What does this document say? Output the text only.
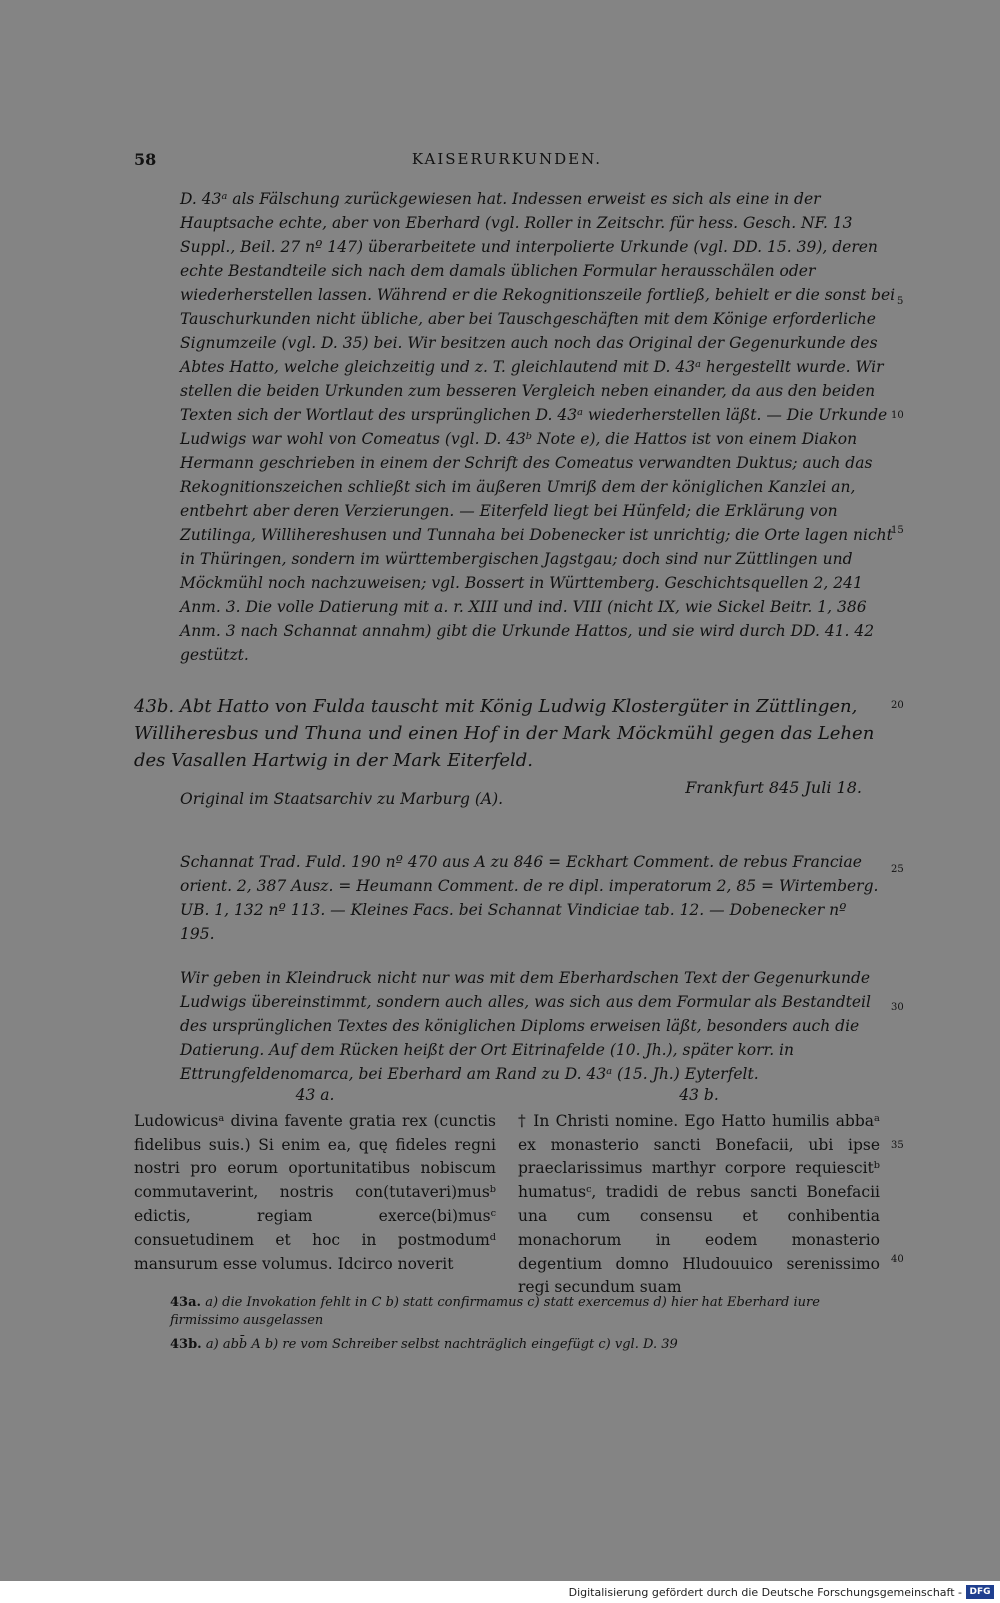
58	KAISERURKUNDEN.

D. 43ᵃ als Fälschung zurückgewiesen hat. Indessen erweist es sich als eine in der Hauptsache echte, aber von Eberhard (vgl. Roller in Zeitschr. für hess. Gesch. NF. 13 Suppl., Beil. 27 nº 147) überarbeitete und interpolierte Urkunde (vgl. DD. 15. 39), deren echte Bestandteile sich nach dem damals üblichen Formular herausschälen oder wiederherstellen lassen. Während er die Rekognitionszeile fortließ, behielt er die sonst bei Tauschurkunden nicht übliche, aber bei Tauschgeschäften mit dem Könige erforderliche Signumzeile (vgl. D. 35) bei. Wir besitzen auch noch das Original der Gegenurkunde des Abtes Hatto, welche gleichzeitig und z. T. gleichlautend mit D. 43ᵃ hergestellt wurde. Wir stellen die beiden Urkunden zum besseren Vergleich neben einander, da aus den beiden Texten sich der Wortlaut des ursprünglichen D. 43ᵃ wiederherstellen läßt. — Die Urkunde Ludwigs war wohl von Comeatus (vgl. D. 43ᵇ Note e), die Hattos ist von einem Diakon Hermann geschrieben in einem der Schrift des Comeatus verwandten Duktus; auch das Rekognitionszeichen schließt sich im äußeren Umriß dem der königlichen Kanzlei an, entbehrt aber deren Verzierungen. — Eiterfeld liegt bei Hünfeld; die Erklärung von Zutilinga, Willihereshusen und Tunnaha bei Dobenecker ist unrichtig; die Orte lagen nicht in Thüringen, sondern im württembergischen Jagstgau; doch sind nur Züttlingen und Möckmühl noch nachzuweisen; vgl. Bossert in Württemberg. Geschichtsquellen 2, 241 Anm. 3. Die volle Datierung mit a. r. XIII und ind. VIII (nicht IX, wie Sickel Beitr. 1, 386 Anm. 3 nach Schannat annahm) gibt die Urkunde Hattos, und sie wird durch DD. 41. 42 gestützt.

5
10
15
20
25
30
35
40
43b. Abt Hatto von Fulda tauscht mit König Ludwig Klostergüter in Züttlingen, Williheresbus und Thuna und einen Hof in der Mark Möckmühl gegen das Lehen des Vasallen Hartwig in der Mark Eiterfeld.
Frankfurt 845 Juli 18.
Original im Staatsarchiv zu Marburg (A).

Schannat Trad. Fuld. 190 nº 470 aus A zu 846 = Eckhart Comment. de rebus Franciae orient. 2, 387 Ausz. = Heumann Comment. de re dipl. imperatorum 2, 85 = Wirtemberg. UB. 1, 132 nº 113. — Kleines Facs. bei Schannat Vindiciae tab. 12. — Dobenecker nº 195.

Wir geben in Kleindruck nicht nur was mit dem Eberhardschen Text der Gegenurkunde Ludwigs übereinstimmt, sondern auch alles, was sich aus dem Formular als Bestandteil des ursprünglichen Textes des königlichen Diploms erweisen läßt, besonders auch die Datierung. Auf dem Rücken heißt der Ort Eitrinafelde (10. Jh.), später korr. in Ettrungfeldenomarca, bei Eberhard am Rand zu D. 43ᵃ (15. Jh.) Eyterfelt.

43 a.

Ludowicusᵃ divina favente gratia rex (cunctis fidelibus suis.) Si enim ea, quę fideles regni nostri pro eorum oportunitatibus nobiscum commutaverint, nostris con(tutaveri)musᵇ edictis, regiam exerce(bi)musᶜ consuetudinem et hoc in postmodumᵈ mansurum esse volumus. Idcirco noverit

43 b.

† In Christi nomine. Ego Hatto humilis abbaᵃ ex monasterio sancti Bonefacii, ubi ipse praeclarissimus marthyr corpore requiescitᵇ humatusᶜ, tradidi de rebus sancti Bonefacii una cum consensu et conhibentia monachorum in eodem monasterio degentium domno Hludouuico serenissimo regi secundum suam

43a. a) die Invokation fehlt in C b) statt confirmamus c) statt exercemus d) hier hat Eberhard iure firmissimo ausgelassen

43b. a) abb̄ A b) re vom Schreiber selbst nachträglich eingefügt c) vgl. D. 39

Digitalisierung gefördert durch die Deutsche Forschungsgemeinschaft - DFG
